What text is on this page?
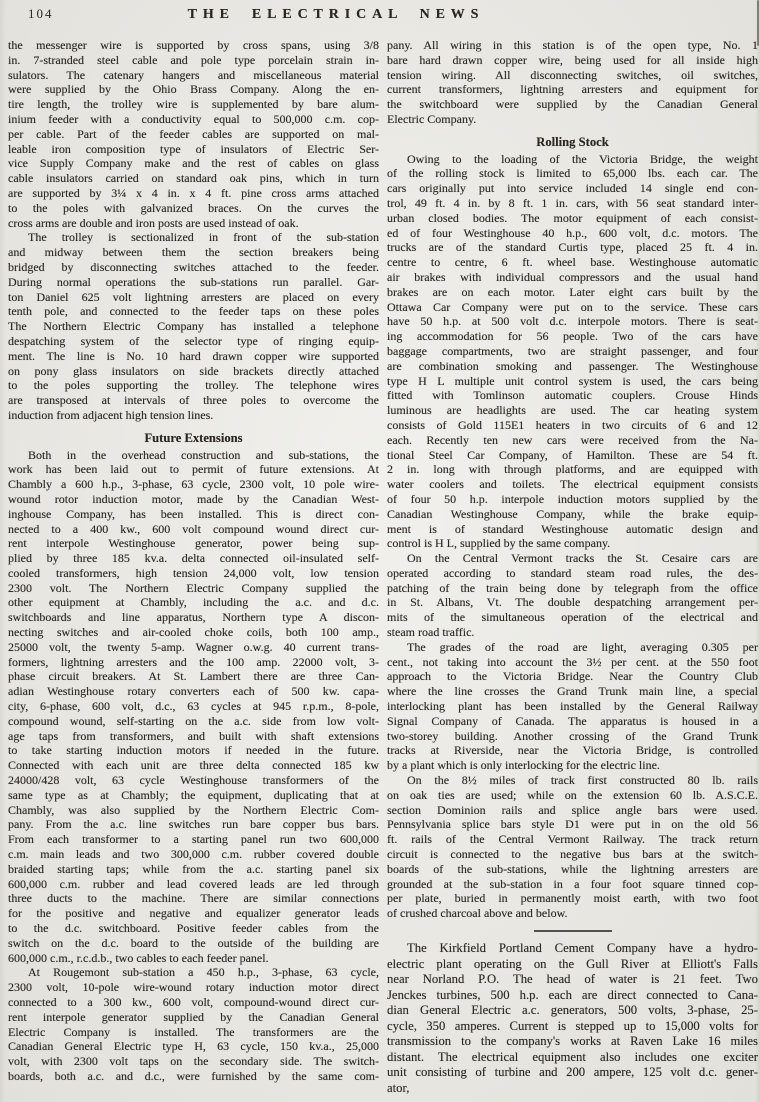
104	THE ELECTRICAL NEWS
the messenger wire is supported by cross spans, using 3/8
in. 7-stranded steel cable and pole type porcelain strain in-
sulators. The catenary hangers and miscellaneous material
were supplied by the Ohio Brass Company. Along the en-
tire length, the trolley wire is supplemented by bare alum-
inium feeder with a conductivity equal to 500,000 c.m. cop-
per cable. Part of the feeder cables are supported on mal-
leable iron composition type of insulators of Electric Ser-
vice Supply Company make and the rest of cables on glass
cable insulators carried on standard oak pins, which in turn
are supported by 3¼ x 4 in. x 4 ft. pine cross arms attached
to the poles with galvanized braces. On the curves the
cross arms are double and iron posts are used instead of oak.
The trolley is sectionalized in front of the sub-station
and midway between them the section breakers being
bridged by disconnecting switches attached to the feeder.
During normal operations the sub-stations run parallel. Gar-
ton Daniel 625 volt lightning arresters are placed on every
tenth pole, and connected to the feeder taps on these poles
The Northern Electric Company has installed a telephone
despatching system of the selector type of ringing equip-
ment. The line is No. 10 hard drawn copper wire supported
on pony glass insulators on side brackets directly attached
to the poles supporting the trolley. The telephone wires
are transposed at intervals of three poles to overcome the
induction from adjacent high tension lines.
Future Extensions
Both in the overhead construction and sub-stations, the
work has been laid out to permit of future extensions. At
Chambly a 600 h.p., 3-phase, 63 cycle, 2300 volt, 10 pole wire-
wound rotor induction motor, made by the Canadian West-
inghouse Company, has been installed. This is direct con-
nected to a 400 kw., 600 volt compound wound direct cur-
rent interpole Westinghouse generator, power being sup-
plied by three 185 kv.a. delta connected oil-insulated self-
cooled transformers, high tension 24,000 volt, low tension
2300 volt. The Northern Electric Company supplied the
other equipment at Chambly, including the a.c. and d.c.
switchboards and line apparatus, Northern type A discon-
necting switches and air-cooled choke coils, both 100 amp.,
25000 volt, the twenty 5-amp. Wagner o.w.g. 40 current trans-
formers, lightning arresters and the 100 amp. 22000 volt, 3-
phase circuit breakers. At St. Lambert there are three Can-
adian Westinghouse rotary converters each of 500 kw. capa-
city, 6-phase, 600 volt, d.c., 63 cycles at 945 r.p.m., 8-pole,
compound wound, self-starting on the a.c. side from low volt-
age taps from transformers, and built with shaft extensions
to take starting induction motors if needed in the future.
Connected with each unit are three delta connected 185 kw
24000/428 volt, 63 cycle Westinghouse transformers of the
same type as at Chambly; the equipment, duplicating that at
Chambly, was also supplied by the Northern Electric Com-
pany. From the a.c. line switches run bare copper bus bars.
From each transformer to a starting panel run two 600,000
c.m. main leads and two 300,000 c.m. rubber covered double
braided starting taps; while from the a.c. starting panel six
600,000 c.m. rubber and lead covered leads are led through
three ducts to the machine. There are similar connections
for the positive and negative and equalizer generator leads
to the d.c. switchboard. Positive feeder cables from the
switch on the d.c. board to the outside of the building are
600,000 c.m., r.c.d.b., two cables to each feeder panel.
At Rougemont sub-station a 450 h.p., 3-phase, 63 cycle,
2300 volt, 10-pole wire-wound rotary induction motor direct
connected to a 300 kw., 600 volt, compound-wound direct cur-
rent interpole generator supplied by the Canadian General
Electric Company is installed. The transformers are the
Canadian General Electric type H, 63 cycle, 150 kv.a., 25,000
volt, with 2300 volt taps on the secondary side. The switch-
boards, both a.c. and d.c., were furnished by the same com-
pany. All wiring in this station is of the open type, No. 1
bare hard drawn copper wire, being used for all inside high
tension wiring. All disconnecting switches, oil switches,
current transformers, lightning arresters and equipment for
the switchboard were supplied by the Canadian General
Electric Company.
Rolling Stock
Owing to the loading of the Victoria Bridge, the weight
of the rolling stock is limited to 65,000 lbs. each car. The
cars originally put into service included 14 single end con-
trol, 49 ft. 4 in. by 8 ft. 1 in. cars, with 56 seat standard inter-
urban closed bodies. The motor equipment of each consist-
ed of four Westinghouse 40 h.p., 600 volt, d.c. motors. The
trucks are of the standard Curtis type, placed 25 ft. 4 in.
centre to centre, 6 ft. wheel base. Westinghouse automatic
air brakes with individual compressors and the usual hand
brakes are on each motor. Later eight cars built by the
Ottawa Car Company were put on to the service. These cars
have 50 h.p. at 500 volt d.c. interpole motors. There is seat-
ing accommodation for 56 people. Two of the cars have
baggage compartments, two are straight passenger, and four
are combination smoking and passenger. The Westinghouse
type H L multiple unit control system is used, the cars being
fitted with Tomlinson automatic couplers. Crouse Hinds
luminous are headlights are used. The car heating system
consists of Gold 115E1 heaters in two circuits of 6 and 12
each. Recently ten new cars were received from the Na-
tional Steel Car Company, of Hamilton. These are 54 ft.
2 in. long with through platforms, and are equipped with
water coolers and toilets. The electrical equipment consists
of four 50 h.p. interpole induction motors supplied by the
Canadian Westinghouse Company, while the brake equip-
ment is of standard Westinghouse automatic design and
control is H L, supplied by the same company.
On the Central Vermont tracks the St. Cesaire cars are
operated according to standard steam road rules, the des-
patching of the train being done by telegraph from the office
in St. Albans, Vt. The double despatching arrangement per-
mits of the simultaneous operation of the electrical and
steam road traffic.
The grades of the road are light, averaging 0.305 per
cent., not taking into account the 3½ per cent. at the 550 foot
approach to the Victoria Bridge. Near the Country Club
where the line crosses the Grand Trunk main line, a special
interlocking plant has been installed by the General Railway
Signal Company of Canada. The apparatus is housed in a
two-storey building. Another crossing of the Grand Trunk
tracks at Riverside, near the Victoria Bridge, is controlled
by a plant which is only interlocking for the electric line.
On the 8½ miles of track first constructed 80 lb. rails
on oak ties are used; while on the extension 60 lb. A.S.C.E.
section Dominion rails and splice angle bars were used.
Pennsylvania splice bars style D1 were put in on the old 56
ft. rails of the Central Vermont Railway. The track return
circuit is connected to the negative bus bars at the switch-
boards of the sub-stations, while the lightning arresters are
grounded at the sub-station in a four foot square tinned cop-
per plate, buried in permanently moist earth, with two foot
of crushed charcoal above and below.
The Kirkfield Portland Cement Company have a hydro-
electric plant operating on the Gull River at Elliott's Falls
near Norland P.O. The head of water is 21 feet. Two
Jenckes turbines, 500 h.p. each are direct connected to Cana-
dian General Electric a.c. generators, 500 volts, 3-phase, 25-
cycle, 350 amperes. Current is stepped up to 15,000 volts for
transmission to the company's works at Raven Lake 16 miles
distant. The electrical equipment also includes one exciter
unit consisting of turbine and 200 ampere, 125 volt d.c. gener-
ator,
